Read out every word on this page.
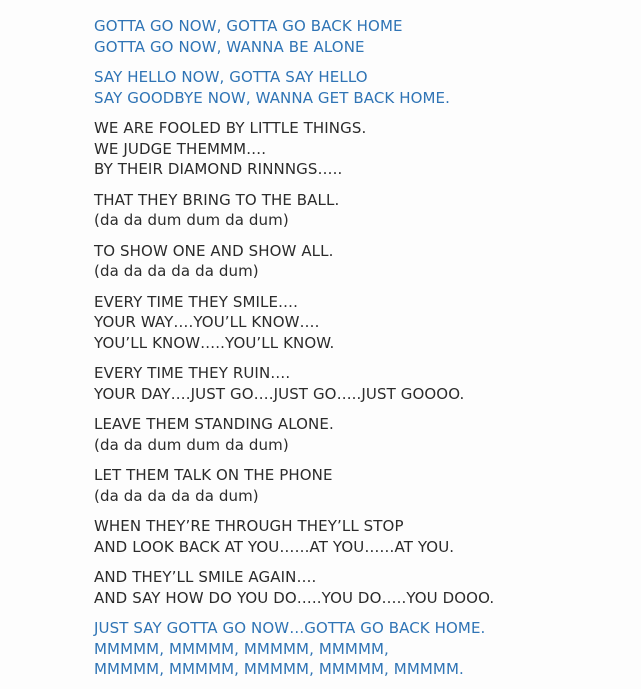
GOTTA GO NOW, GOTTA GO BACK HOME
GOTTA GO NOW, WANNA BE ALONE
SAY HELLO NOW, GOTTA SAY HELLO
SAY GOODBYE NOW, WANNA GET BACK HOME.
WE ARE FOOLED BY LITTLE THINGS.
WE JUDGE THEMMM….
BY THEIR DIAMOND RINNNGS…..
THAT THEY BRING TO THE BALL.
(da da dum dum da dum)
TO SHOW ONE AND SHOW ALL.
(da da da da da dum)
EVERY TIME THEY SMILE….
YOUR WAY….YOU’LL KNOW….
YOU’LL KNOW…..YOU’LL KNOW.
EVERY TIME THEY RUIN….
YOUR DAY….JUST GO….JUST GO…..JUST GOOOO.
LEAVE THEM STANDING ALONE.
(da da dum dum da dum)
LET THEM TALK ON THE PHONE
(da da da da da dum)
WHEN THEY’RE THROUGH THEY’LL STOP
AND LOOK BACK AT YOU……AT YOU……AT YOU.
AND THEY’LL SMILE AGAIN….
AND SAY HOW DO YOU DO…..YOU DO…..YOU DOOO.
JUST SAY GOTTA GO NOW…GOTTA GO BACK HOME.
MMMMM, MMMMM, MMMMM, MMMMM,
MMMMM, MMMMM, MMMMM, MMMMM, MMMMM.
